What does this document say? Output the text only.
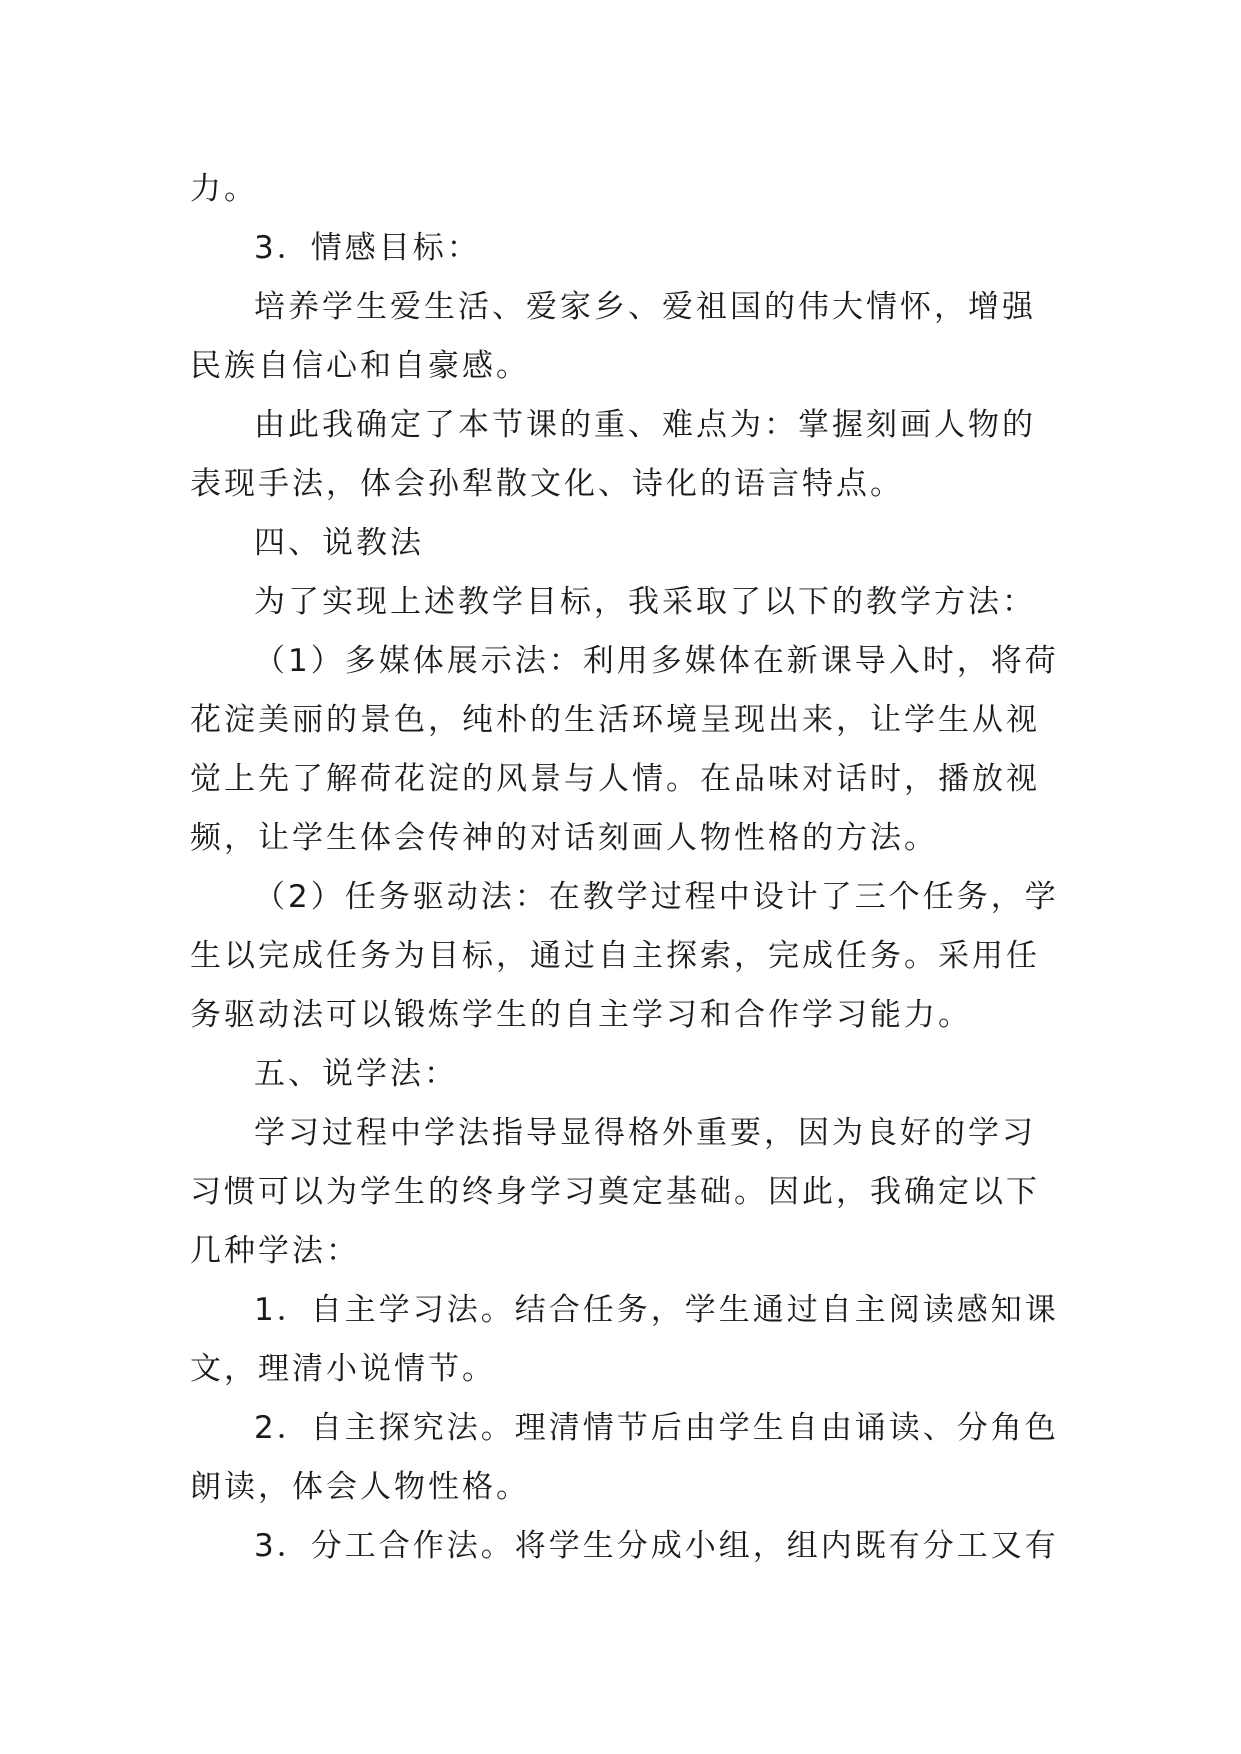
力。

3．情感目标：

培养学生爱生活、爱家乡、爱祖国的伟大情怀，增强民族自信心和自豪感。

由此我确定了本节课的重、难点为：掌握刻画人物的表现手法，体会孙犁散文化、诗化的语言特点。

四、说教法

为了实现上述教学目标，我采取了以下的教学方法：

（1）多媒体展示法：利用多媒体在新课导入时，将荷花淀美丽的景色，纯朴的生活环境呈现出来，让学生从视觉上先了解荷花淀的风景与人情。在品味对话时，播放视频，让学生体会传神的对话刻画人物性格的方法。

（2）任务驱动法：在教学过程中设计了三个任务，学生以完成任务为目标，通过自主探索，完成任务。采用任务驱动法可以锻炼学生的自主学习和合作学习能力。

五、说学法：

学习过程中学法指导显得格外重要，因为良好的学习习惯可以为学生的终身学习奠定基础。因此，我确定以下几种学法：

1．自主学习法。结合任务，学生通过自主阅读感知课文，理清小说情节。

2．自主探究法。理清情节后由学生自由诵读、分角色朗读，体会人物性格。

3．分工合作法。将学生分成小组，组内既有分工又有
